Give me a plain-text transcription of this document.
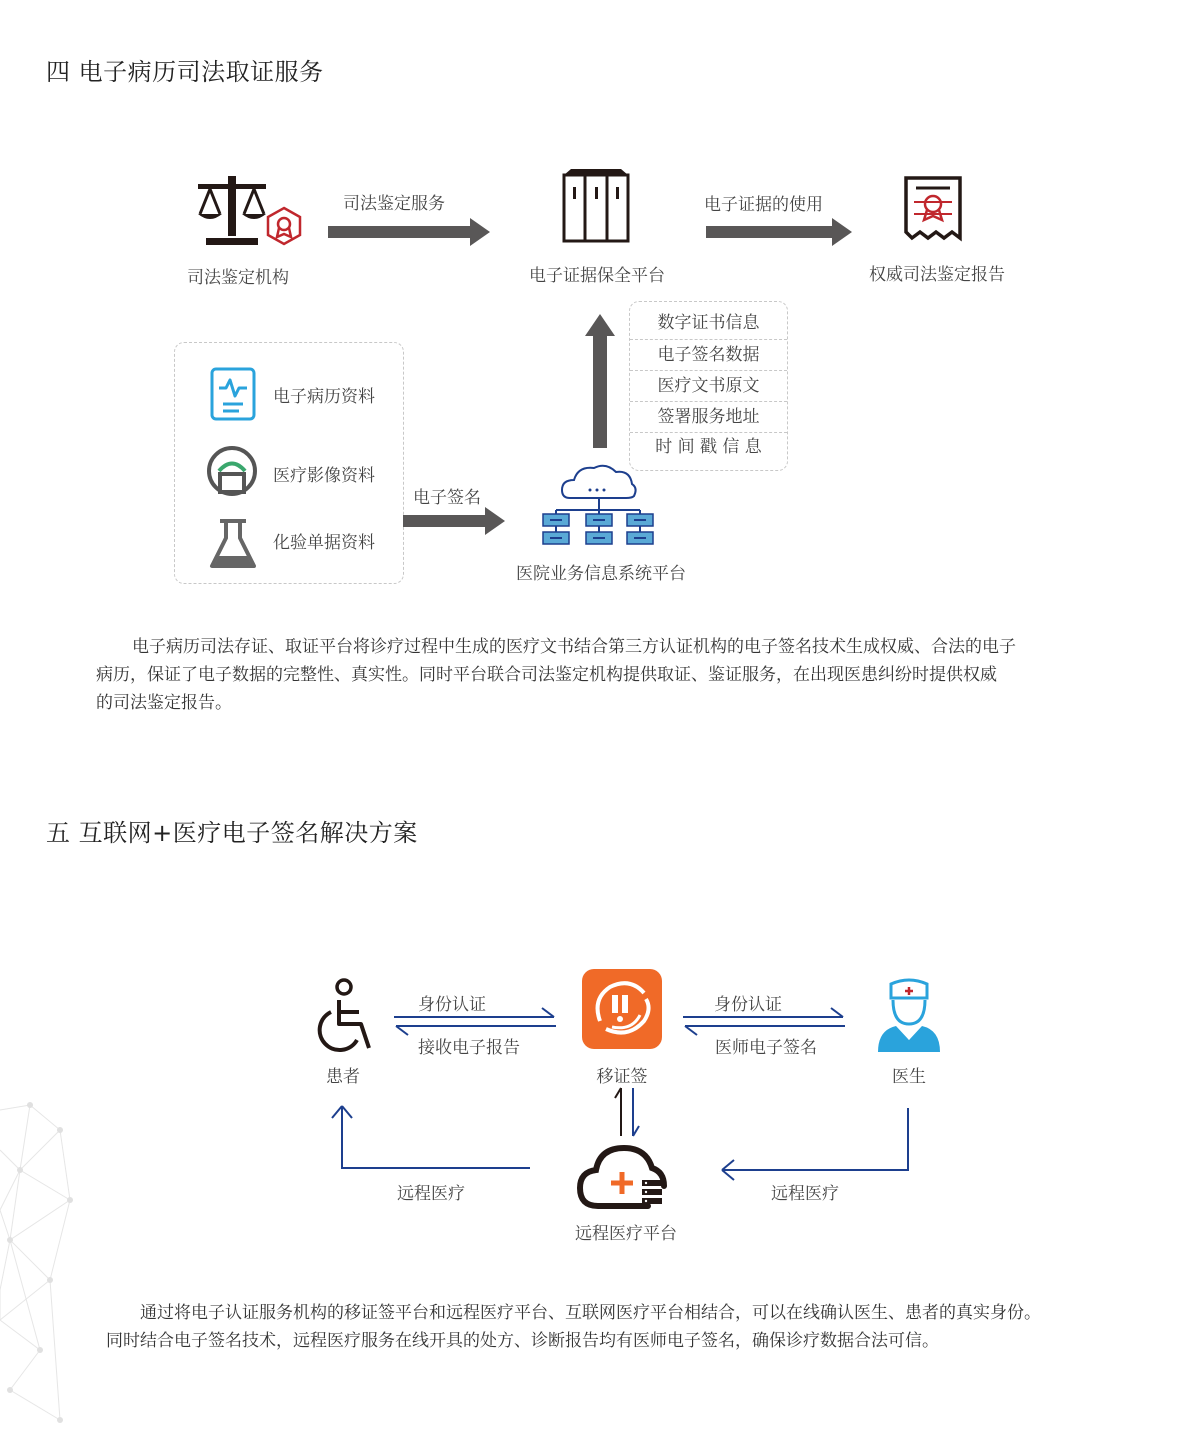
四 电子病历司法取证服务
司法鉴定机构
司法鉴定服务
电子证据保全平台
电子证据的使用
权威司法鉴定报告
数字证书信息
电子签名数据
医疗文书原文
签署服务地址
时 间 戳 信 息
电子病历资料
医疗影像资料
化验单据资料
电子签名
医院业务信息系统平台
电子病历司法存证、取证平台将诊疗过程中生成的医疗文书结合第三方认证机构的电子签名技术生成权威、合法的电子
病历，保证了电子数据的完整性、真实性。同时平台联合司法鉴定机构提供取证、鉴证服务，在出现医患纠纷时提供权威
的司法鉴定报告。
五 互联网+医疗电子签名解决方案
患者	移证签	医生
身份认证
接收电子报告
身份认证
医师电子签名
远程医疗平台
远程医疗	远程医疗
通过将电子认证服务机构的移证签平台和远程医疗平台、互联网医疗平台相结合，可以在线确认医生、患者的真实身份。
同时结合电子签名技术，远程医疗服务在线开具的处方、诊断报告均有医师电子签名，确保诊疗数据合法可信。
